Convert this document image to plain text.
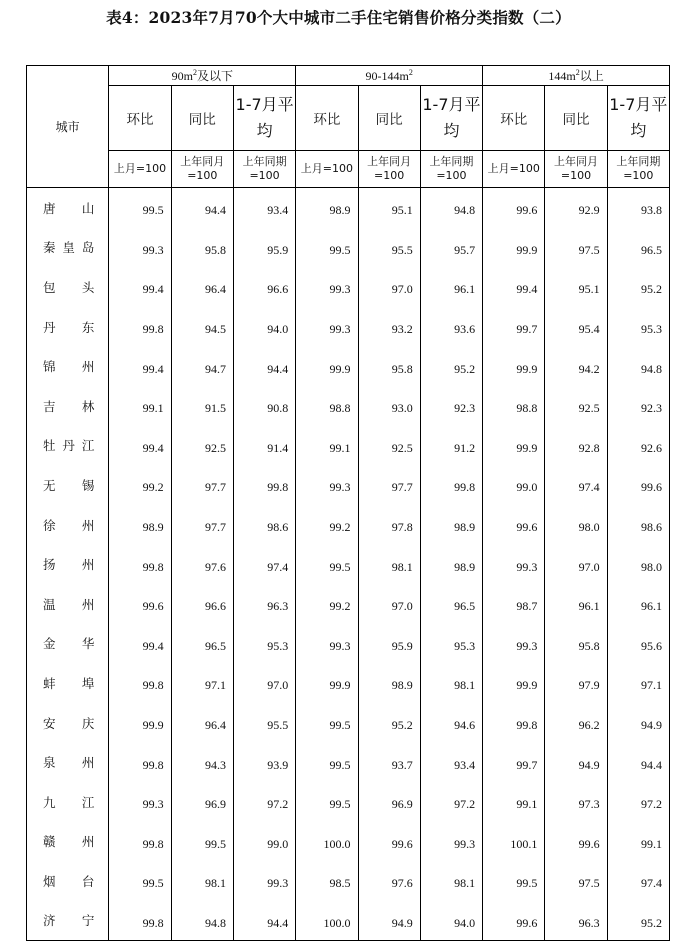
表4：2023年7月70个大中城市二手住宅销售价格分类指数（二）
城市	$90m^2$及以下			$90-144m^2$			$144m^2$以上		
	环比	同比	1-7月平均	环比	同比	1-7月平均	环比	同比	1-7月平均
	上月=100	上年同月=100	上年同期=100	上月=100	上年同月=100	上年同期=100	上月=100	上年同月=100	上年同期=100
唐山	99.5	94.4	93.4	98.9	95.1	94.8	99.6	92.9	93.8
秦皇岛	99.3	95.8	95.9	99.5	95.5	95.7	99.9	97.5	96.5
包头	99.4	96.4	96.6	99.3	97.0	96.1	99.4	95.1	95.2
丹东	99.8	94.5	94.0	99.3	93.2	93.6	99.7	95.4	95.3
锦州	99.4	94.7	94.4	99.9	95.8	95.2	99.9	94.2	94.8
吉林	99.1	91.5	90.8	98.8	93.0	92.3	98.8	92.5	92.3
牡丹江	99.4	92.5	91.4	99.1	92.5	91.2	99.9	92.8	92.6
无锡	99.2	97.7	99.8	99.3	97.7	99.8	99.0	97.4	99.6
徐州	98.9	97.7	98.6	99.2	97.8	98.9	99.6	98.0	98.6
扬州	99.8	97.6	97.4	99.5	98.1	98.9	99.3	97.0	98.0
温州	99.6	96.6	96.3	99.2	97.0	96.5	98.7	96.1	96.1
金华	99.4	96.5	95.3	99.3	95.9	95.3	99.3	95.8	95.6
蚌埠	99.8	97.1	97.0	99.9	98.9	98.1	99.9	97.9	97.1
安庆	99.9	96.4	95.5	99.5	95.2	94.6	99.8	96.2	94.9
泉州	99.8	94.3	93.9	99.5	93.7	93.4	99.7	94.9	94.4
九江	99.3	96.9	97.2	99.5	96.9	97.2	99.1	97.3	97.2
赣州	99.8	99.5	99.0	100.0	99.6	99.3	100.1	99.6	99.1
烟台	99.5	98.1	99.3	98.5	97.6	98.1	99.5	97.5	97.4
济宁	99.8	94.8	94.4	100.0	94.9	94.0	99.6	96.3	95.2
